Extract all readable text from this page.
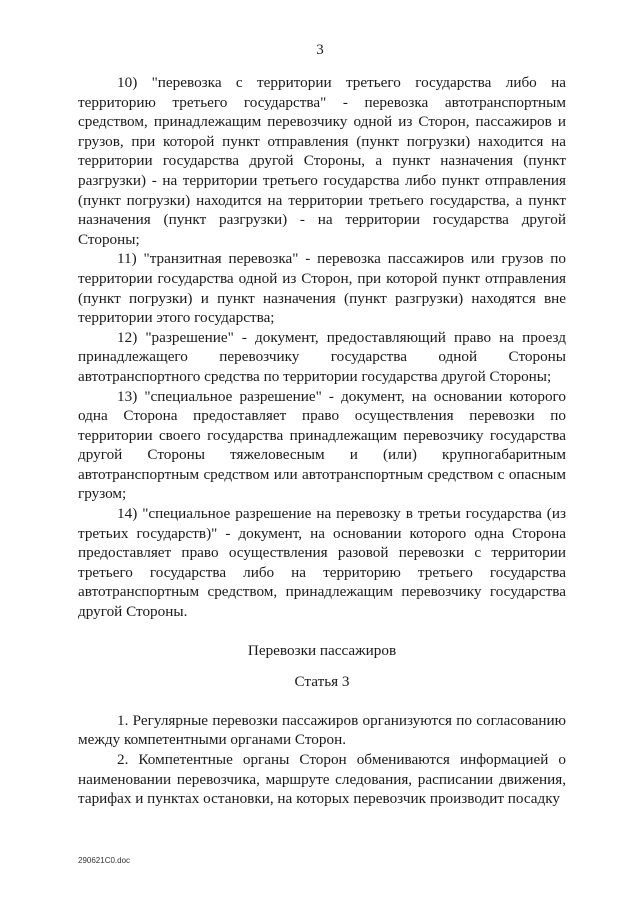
3

10) "перевозка с территории третьего государства либо на территорию третьего государства" - перевозка автотранспортным средством, принадлежащим перевозчику одной из Сторон, пассажиров и грузов, при которой пункт отправления (пункт погрузки) находится на территории государства другой Стороны, а пункт назначения (пункт разгрузки) - на территории третьего государства либо пункт отправления (пункт погрузки) находится на территории третьего государства, а пункт назначения (пункт разгрузки) - на территории государства другой Стороны;

11) "транзитная перевозка" - перевозка пассажиров или грузов по территории государства одной из Сторон, при которой пункт отправления (пункт погрузки) и пункт назначения (пункт разгрузки) находятся вне территории этого государства;

12) "разрешение" - документ, предоставляющий право на проезд принадлежащего перевозчику государства одной Стороны автотранспортного средства по территории государства другой Стороны;

13) "специальное разрешение" - документ, на основании которого одна Сторона предоставляет право осуществления перевозки по территории своего государства принадлежащим перевозчику государства другой Стороны тяжеловесным и (или) крупногабаритным автотранспортным средством или автотранспортным средством с опасным грузом;

14) "специальное разрешение на перевозку в третьи государства (из третьих государств)" - документ, на основании которого одна Сторона предоставляет право осуществления разовой перевозки с территории третьего государства либо на территорию третьего государства автотранспортным средством, принадлежащим перевозчику государства другой Стороны.

Перевозки пассажиров

Статья 3

1. Регулярные перевозки пассажиров организуются по согласованию между компетентными органами Сторон.

2. Компетентные органы Сторон обмениваются информацией о наименовании перевозчика, маршруте следования, расписании движения, тарифах и пунктах остановки, на которых перевозчик производит посадку

290621C0.doc
